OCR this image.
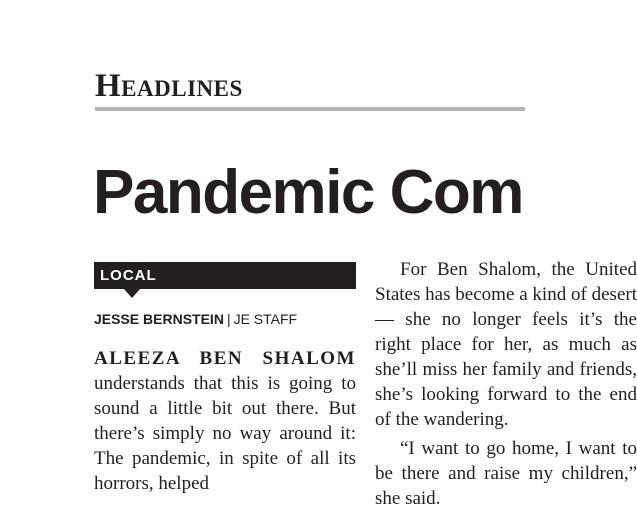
Headlines
Pandemic Com
LOCAL
JESSE BERNSTEIN | JE STAFF

ALEEZA BEN SHALOM understands that this is going to sound a little bit out there. But there’s simply no way around it: The pandemic, in spite of all its horrors, helped

For Ben Shalom, the United States has become a kind of desert — she no longer feels it’s the right place for her, as much as she’ll miss her family and friends, she’s looking forward to the end of the wandering.

“I want to go home, I want to be there and raise my children,” she said.
